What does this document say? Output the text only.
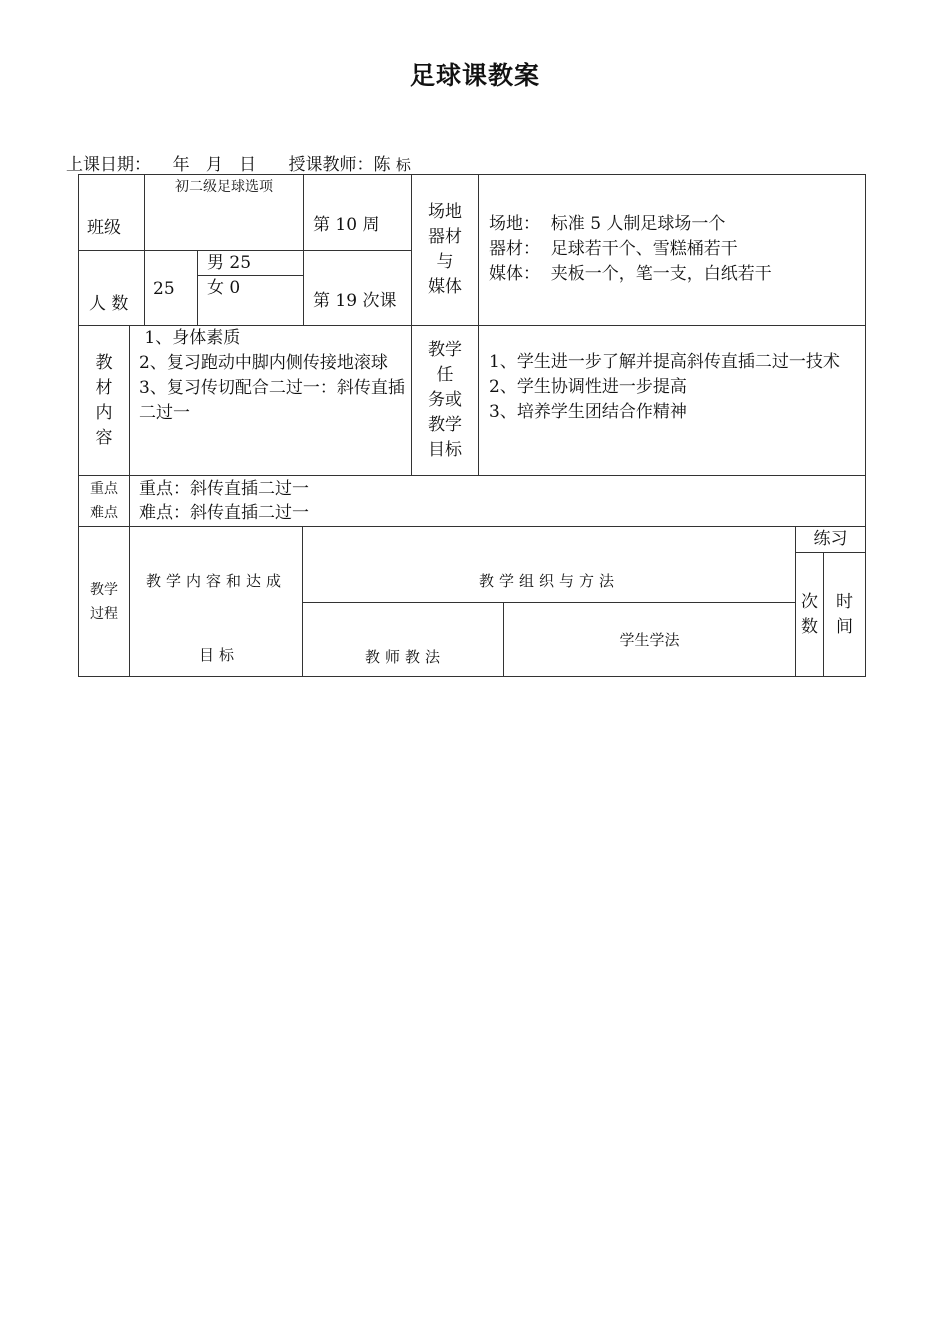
足球课教案
上课日期： 年 月 日 授课教师：陈 标
班级
初二级足球选项
第 10 周
场地
器材
与
媒体
场地：  标准 5 人制足球场一个
器材：  足球若干个、雪糕桶若干
媒体：  夹板一个，笔一支，白纸若干
人 数
25
男 25
女 0
第 19 次课
教
材
内
容
1、身体素质
2、复习跑动中脚内侧传接地滚球
3、复习传切配合二过一：斜传直插二过一
教学
任
务或
教学
目标
1、学生进一步了解并提高斜传直插二过一技术
2、学生协调性进一步提高
3、培养学生团结合作精神
重点
难点
重点：斜传直插二过一
难点：斜传直插二过一
教学
过程
教学内容和达成
目标
教学组织与方法
教师教法
学生学法
练习
次
数
时
间
